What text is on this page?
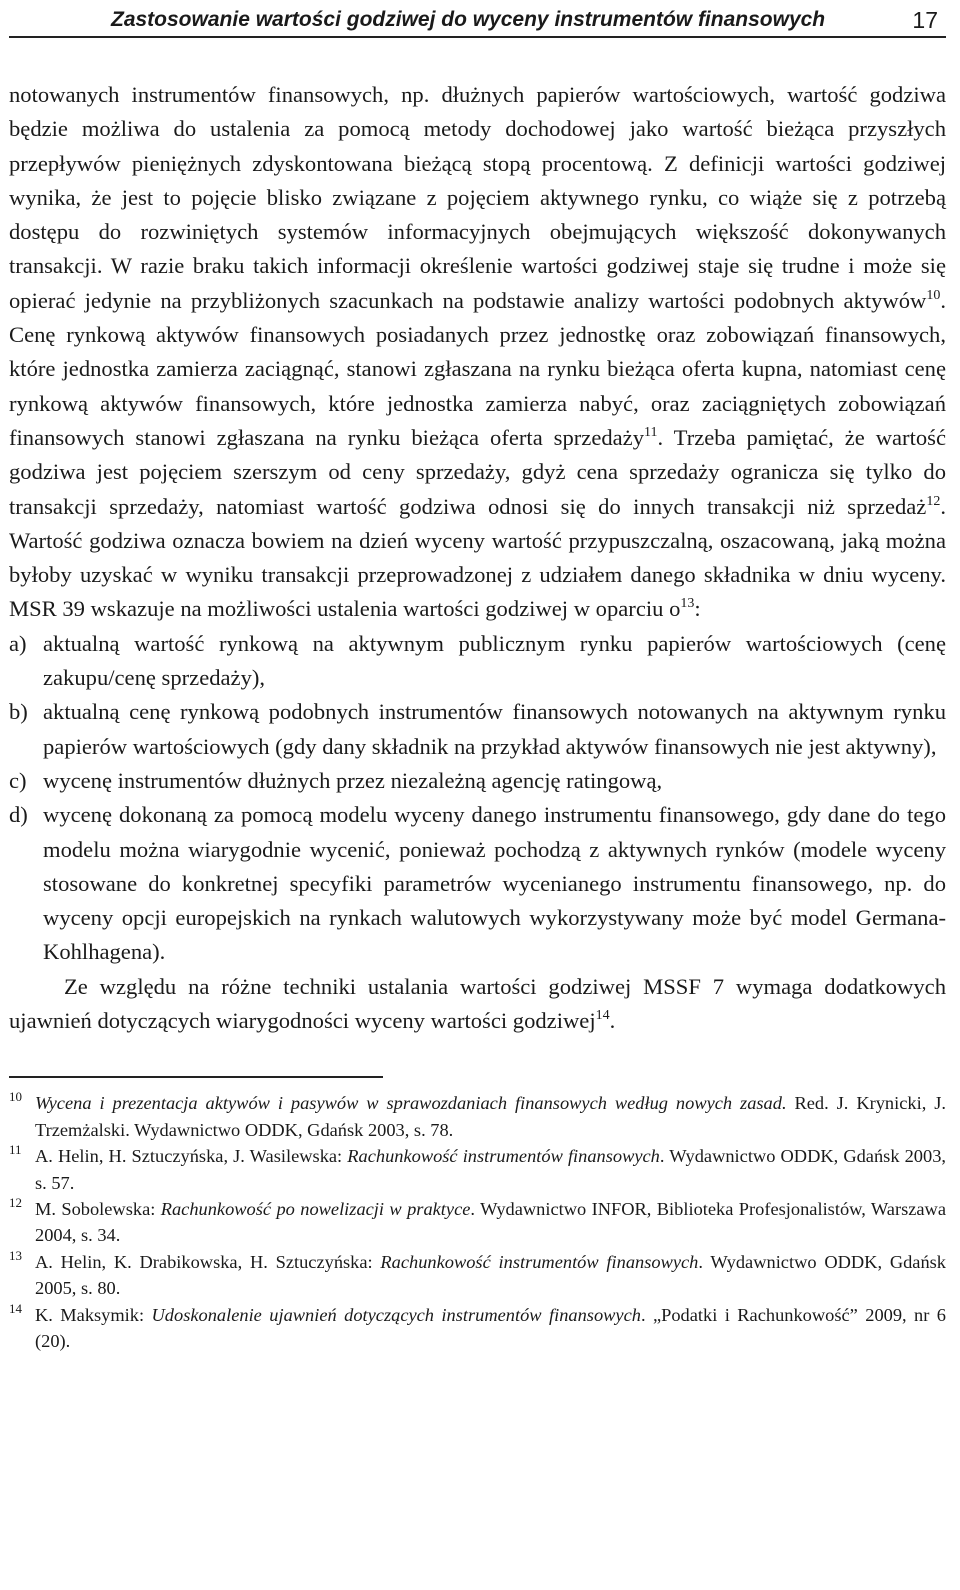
Zastosowanie wartości godziwej do wyceny instrumentów finansowych	17

notowanych instrumentów finansowych, np. dłużnych papierów wartościowych, wartość godziwa będzie możliwa do ustalenia za pomocą metody dochodowej jako wartość bieżąca przyszłych przepływów pieniężnych zdyskontowana bieżącą stopą procentową. Z definicji wartości godziwej wynika, że jest to pojęcie blisko związane z pojęciem aktywnego rynku, co wiąże się z potrzebą dostępu do rozwiniętych systemów informacyjnych obejmujących większość dokonywanych transakcji. W razie braku takich informacji określenie wartości godziwej staje się trudne i może się opierać jedynie na przybliżonych szacunkach na podstawie analizy wartości podobnych aktywów$^{10}$. Cenę rynkową aktywów finansowych posiadanych przez jednostkę oraz zobowiązań finansowych, które jednostka zamierza zaciągnąć, stanowi zgłaszana na rynku bieżąca oferta kupna, natomiast cenę rynkową aktywów finansowych, które jednostka zamierza nabyć, oraz zaciągniętych zobowiązań finansowych stanowi zgłaszana na rynku bieżąca oferta sprzedaży$^{11}$. Trzeba pamiętać, że wartość godziwa jest pojęciem szerszym od ceny sprzedaży, gdyż cena sprzedaży ogranicza się tylko do transakcji sprzedaży, natomiast wartość godziwa odnosi się do innych transakcji niż sprzedaż$^{12}$. Wartość godziwa oznacza bowiem na dzień wyceny wartość przypuszczalną, oszacowaną, jaką można byłoby uzyskać w wyniku transakcji przeprowadzonej z udziałem danego składnika w dniu wyceny. MSR 39 wskazuje na możliwości ustalenia wartości godziwej w oparciu $o^{13}$:

a) aktualną wartość rynkową na aktywnym publicznym rynku papierów wartościowych (cenę zakupu/cenę sprzedaży),
b) aktualną cenę rynkową podobnych instrumentów finansowych notowanych na aktywnym rynku papierów wartościowych (gdy dany składnik na przykład aktywów finansowych nie jest aktywny),
c) wycenę instrumentów dłużnych przez niezależną agencję ratingową,
d) wycenę dokonaną za pomocą modelu wyceny danego instrumentu finansowego, gdy dane do tego modelu można wiarygodnie wycenić, ponieważ pochodzą z aktywnych rynków (modele wyceny stosowane do konkretnej specyfiki parametrów wycenianego instrumentu finansowego, np. do wyceny opcji europejskich na rynkach walutowych wykorzystywany może być model Germana-Kohlhagena).

Ze względu na różne techniki ustalania wartości godziwej MSSF 7 wymaga dodatkowych ujawnień dotyczących wiarygodności wyceny wartości godziwej$^{14}$.

10 Wycena i prezentacja aktywów i pasywów w sprawozdaniach finansowych według nowych zasad. Red. J. Krynicki, J. Trzemżalski. Wydawnictwo ODDK, Gdańsk 2003, s. 78.

11 A. Helin, H. Sztuczyńska, J. Wasilewska: Rachunkowość instrumentów finansowych. Wydawnictwo ODDK, Gdańsk 2003, s. 57.

12 M. Sobolewska: Rachunkowość po nowelizacji w praktyce. Wydawnictwo INFOR, Biblioteka Profesjonalistów, Warszawa 2004, s. 34.

13 A. Helin, K. Drabikowska, H. Sztuczyńska: Rachunkowość instrumentów finansowych. Wydawnictwo ODDK, Gdańsk 2005, s. 80.

14 K. Maksymik: Udoskonalenie ujawnień dotyczących instrumentów finansowych. „Podatki i Rachunkowość” 2009, nr 6 (20).
